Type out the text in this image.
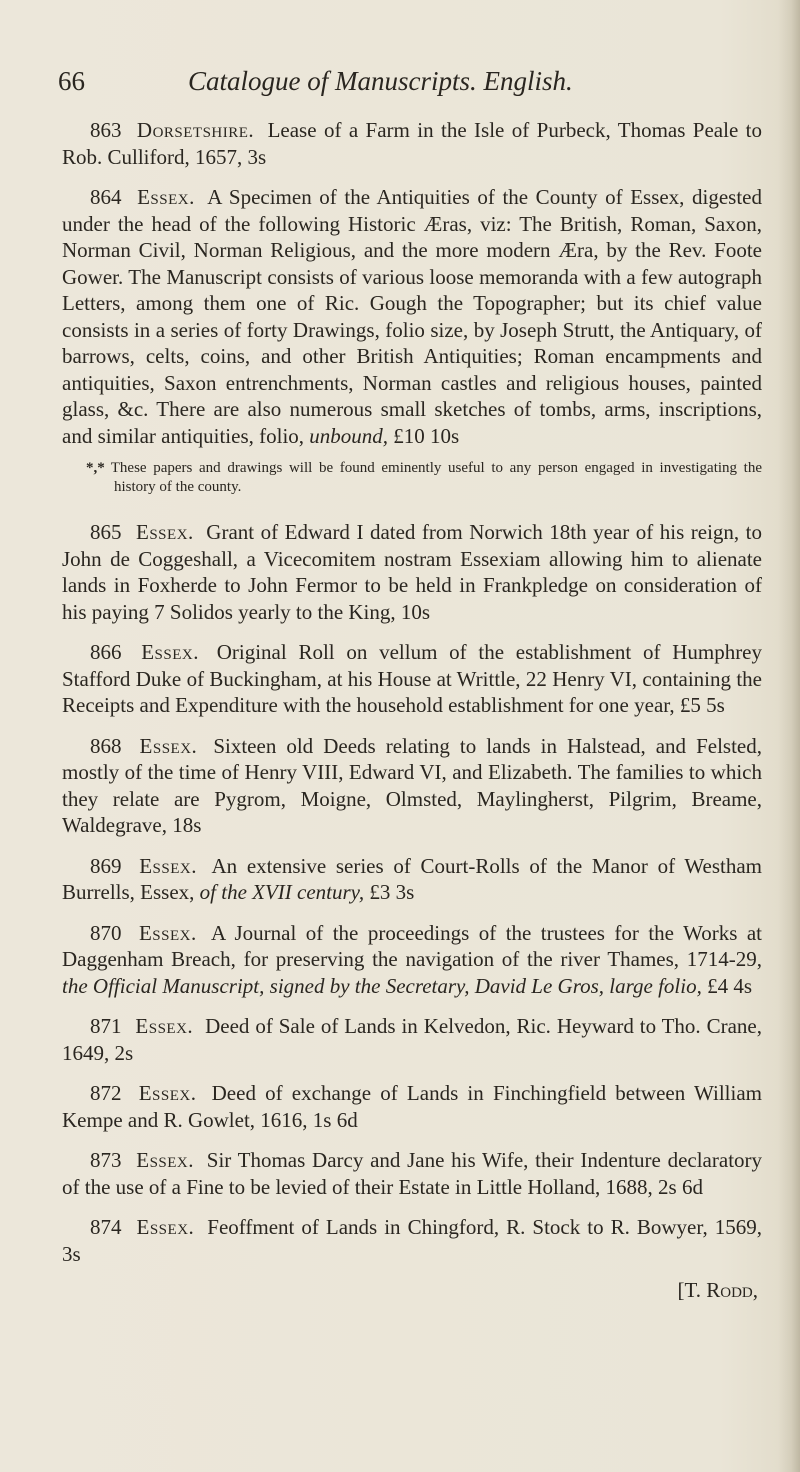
66	Catalogue of Manuscripts. English.

863 Dorsetshire. Lease of a Farm in the Isle of Purbeck, Thomas Peale to Rob. Culliford, 1657, 3s

864 Essex. A Specimen of the Antiquities of the County of Essex, digested under the head of the following Historic Æras, viz: The British, Roman, Saxon, Norman Civil, Norman Religious, and the more modern Æra, by the Rev. Foote Gower. The Manuscript consists of various loose memoranda with a few autograph Letters, among them one of Ric. Gough the Topographer; but its chief value consists in a series of forty Drawings, folio size, by Joseph Strutt, the Antiquary, of barrows, celts, coins, and other British Antiquities; Roman encampments and antiquities, Saxon entrenchments, Norman castles and religious houses, painted glass, &c. There are also numerous small sketches of tombs, arms, inscriptions, and similar antiquities, folio, unbound, £10 10s

*,* These papers and drawings will be found eminently useful to any person engaged in investigating the history of the county.

865 Essex. Grant of Edward I dated from Norwich 18th year of his reign, to John de Coggeshall, a Vicecomitem nostram Essexiam allowing him to alienate lands in Foxherde to John Fermor to be held in Frankpledge on consideration of his paying 7 Solidos yearly to the King, 10s

866 Essex. Original Roll on vellum of the establishment of Humphrey Stafford Duke of Buckingham, at his House at Writtle, 22 Henry VI, containing the Receipts and Expenditure with the household establishment for one year, £5 5s

868 Essex. Sixteen old Deeds relating to lands in Halstead, and Felsted, mostly of the time of Henry VIII, Edward VI, and Elizabeth. The families to which they relate are Pygrom, Moigne, Olmsted, Maylingherst, Pilgrim, Breame, Waldegrave, 18s

869 Essex. An extensive series of Court-Rolls of the Manor of Westham Burrells, Essex, of the XVII century, £3 3s

870 Essex. A Journal of the proceedings of the trustees for the Works at Daggenham Breach, for preserving the navigation of the river Thames, 1714-29, the Official Manuscript, signed by the Secretary, David Le Gros, large folio, £4 4s

871 Essex. Deed of Sale of Lands in Kelvedon, Ric. Heyward to Tho. Crane, 1649, 2s

872 Essex. Deed of exchange of Lands in Finchingfield between William Kempe and R. Gowlet, 1616, 1s 6d

873 Essex. Sir Thomas Darcy and Jane his Wife, their Indenture declaratory of the use of a Fine to be levied of their Estate in Little Holland, 1688, 2s 6d

874 Essex. Feoffment of Lands in Chingford, R. Stock to R. Bowyer, 1569, 3s

[T. Rodd,
